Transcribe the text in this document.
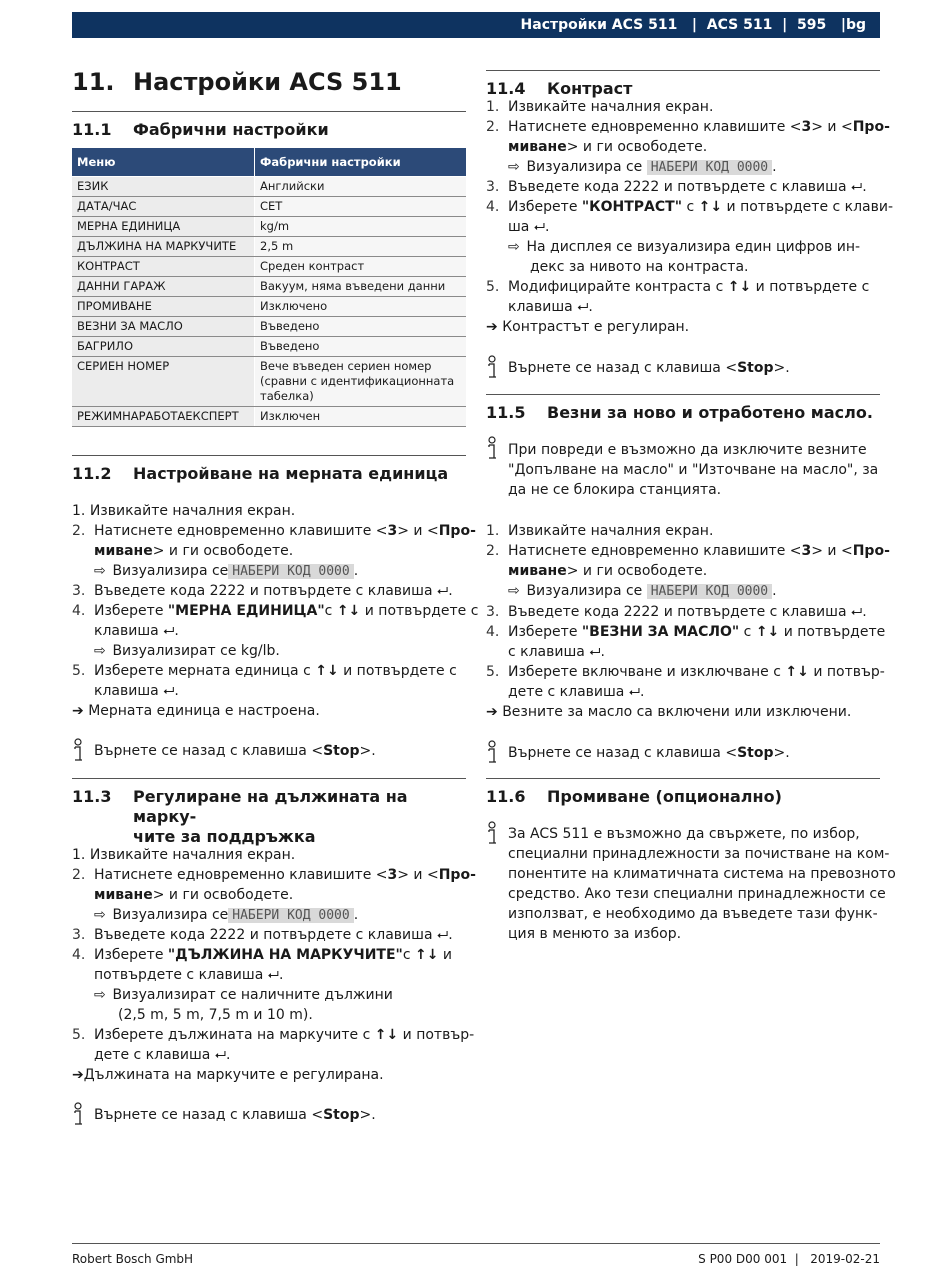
Настройки ACS 511 | ACS 511 | 595 | bg
11. Настройки ACS 511
11.1 Фабрични настройки
Меню	Фабрични настройки
ЕЗИК	Английски
ДАТА/ЧАС	CET
МЕРНА ЕДИНИЦА	kg/m
ДЪЛЖИНА НА МАРКУЧИТЕ	2,5 m
КОНТРАСТ	Среден контраст
ДАННИ ГАРАЖ	Вакуум, няма въведени данни
ПРОМИВАНЕ	Изключено
ВЕЗНИ ЗА МАСЛО	Въведено
БАГРИЛО	Въведено
СЕРИЕН НОМЕР	Вече въведен сериен номер (сравни с идентификационната табелка)
РЕЖИМНАРАБОТАЕКСПЕРТ	Изключен
11.2 Настройване на мерната единица
1. Извикайте началния екран.
2. Натиснете едновременно клавишите <3> и <Про-
миване> и ги освободете.
⇨ Визуализира се НАБЕРИ КОД 0000 .
3. Въведете кода 2222 и потвърдете с клавиша ⮠.
4. Изберете "МЕРНА ЕДИНИЦА"с ↑↓ и потвърдете с
клавиша ⮠.
⇨ Визуализират се kg/lb.
5. Изберете мерната единица с ↑↓ и потвърдете с
клавиша ⮠.
➔ Мерната единица е настроена.
Върнете се назад с клавиша <Stop>.
11.3 Регулиране на дължината на марку-
чите за поддръжка
1. Извикайте началния екран.
2. Натиснете едновременно клавишите <3> и <Про-
миване> и ги освободете.
⇨ Визуализира се НАБЕРИ КОД 0000 .
3. Въведете кода 2222 и потвърдете с клавиша ⮠.
4. Изберете "ДЪЛЖИНА НА МАРКУЧИТЕ"с ↑↓ и
потвърдете с клавиша ⮠.
⇨ Визуализират се наличните дължини
(2,5 m, 5 m, 7,5 m и 10 m).
5. Изберете дължината на маркучите с ↑↓ и потвър-
дете с клавиша ⮠.
➔Дължината на маркучите е регулирана.
Върнете се назад с клавиша <Stop>.
11.4 Контраст
1. Извикайте началния екран.
2. Натиснете едновременно клавишите <3> и <Про-
миване> и ги освободете.
⇨ Визуализира се НАБЕРИ КОД 0000 .
3. Въведете кода 2222 и потвърдете с клавиша ⮠.
4. Изберете "КОНТРАСТ" с ↑↓ и потвърдете с клави-
ша ⮠.
⇨ На дисплея се визуализира един цифров ин-
декс за нивото на контраста.
5. Модифицирайте контраста с ↑↓ и потвърдете с
клавиша ⮠.
➔ Контрастът е регулиран.
Върнете се назад с клавиша <Stop>.
11.5 Везни за ново и отработено масло.
При повреди е възможно да изключите везните
"Допълване на масло" и "Източване на масло", за
да не се блокира станцията.
1. Извикайте началния екран.
2. Натиснете едновременно клавишите <3> и <Про-
миване> и ги освободете.
⇨ Визуализира се НАБЕРИ КОД 0000 .
3. Въведете кода 2222 и потвърдете с клавиша ⮠.
4. Изберете "ВЕЗНИ ЗА МАСЛО" с ↑↓ и потвърдете
с клавиша ⮠.
5. Изберете включване и изключване с ↑↓ и потвър-
дете с клавиша ⮠.
➔ Везните за масло са включени или изключени.
Върнете се назад с клавиша <Stop>.
11.6 Промиване (опционално)
За ACS 511 е възможно да свържете, по избор,
специални принадлежности за почистване на ком-
понентите на климатичната система на превозното
средство. Ако тези специални принадлежности се
използват, е необходимо да въведете тази функ-
ция в менюто за избор.
Robert Bosch GmbH	S P00 D00 001  |   2019-02-21
